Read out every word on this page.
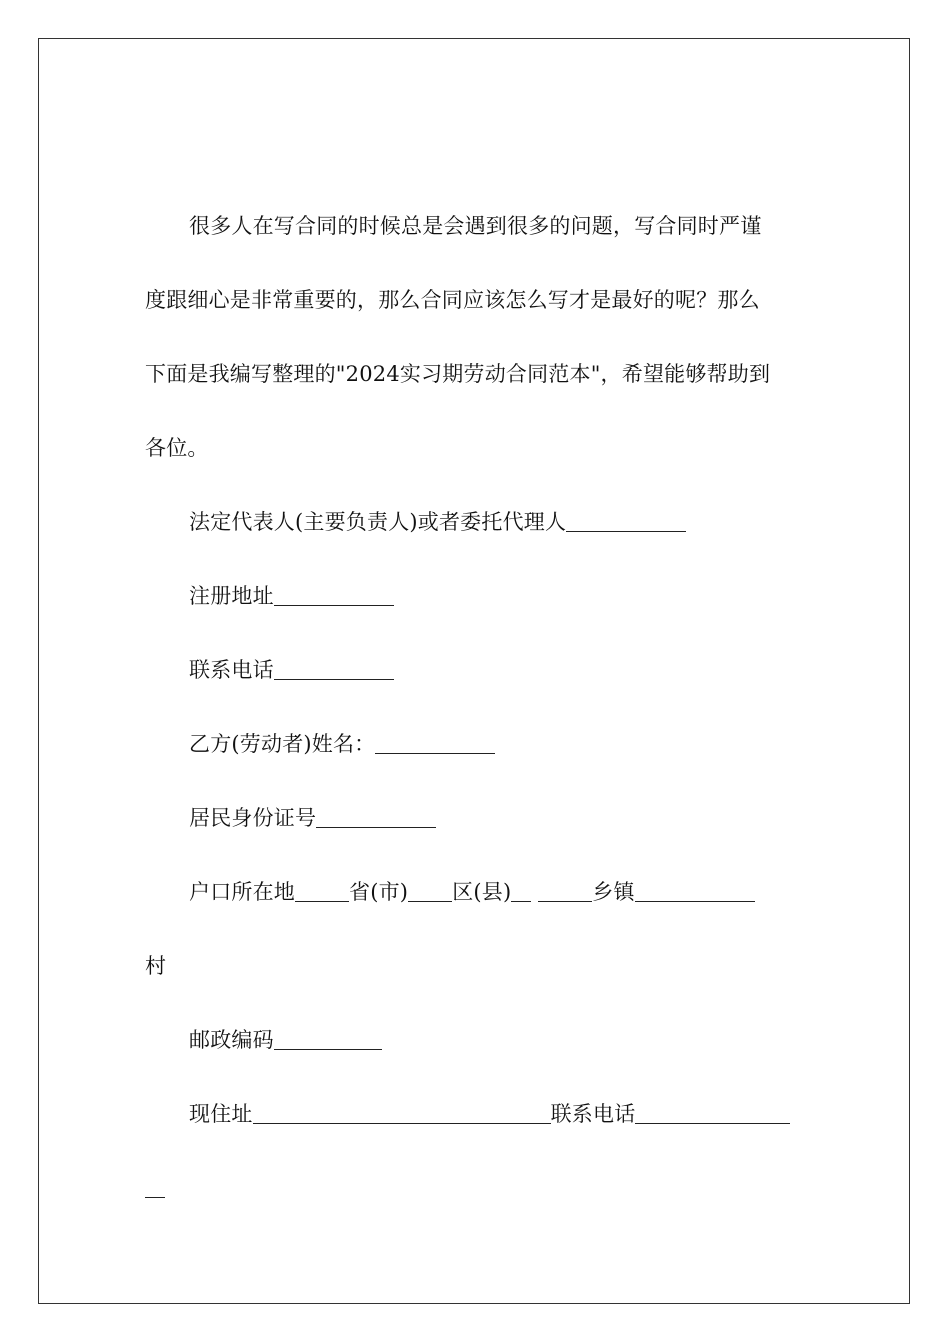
很多人在写合同的时候总是会遇到很多的问题，写合同时严谨
度跟细心是非常重要的，那么合同应该怎么写才是最好的呢？那么
下面是我编写整理的"2024实习期劳动合同范本"，希望能够帮助到
各位。
法定代表人(主要负责人)或者委托代理人
注册地址
联系电话
乙方(劳动者)姓名：
居民身份证号
户口所在地	省(市) 区(县)	乡镇
村
邮政编码
现住址	联系电话
